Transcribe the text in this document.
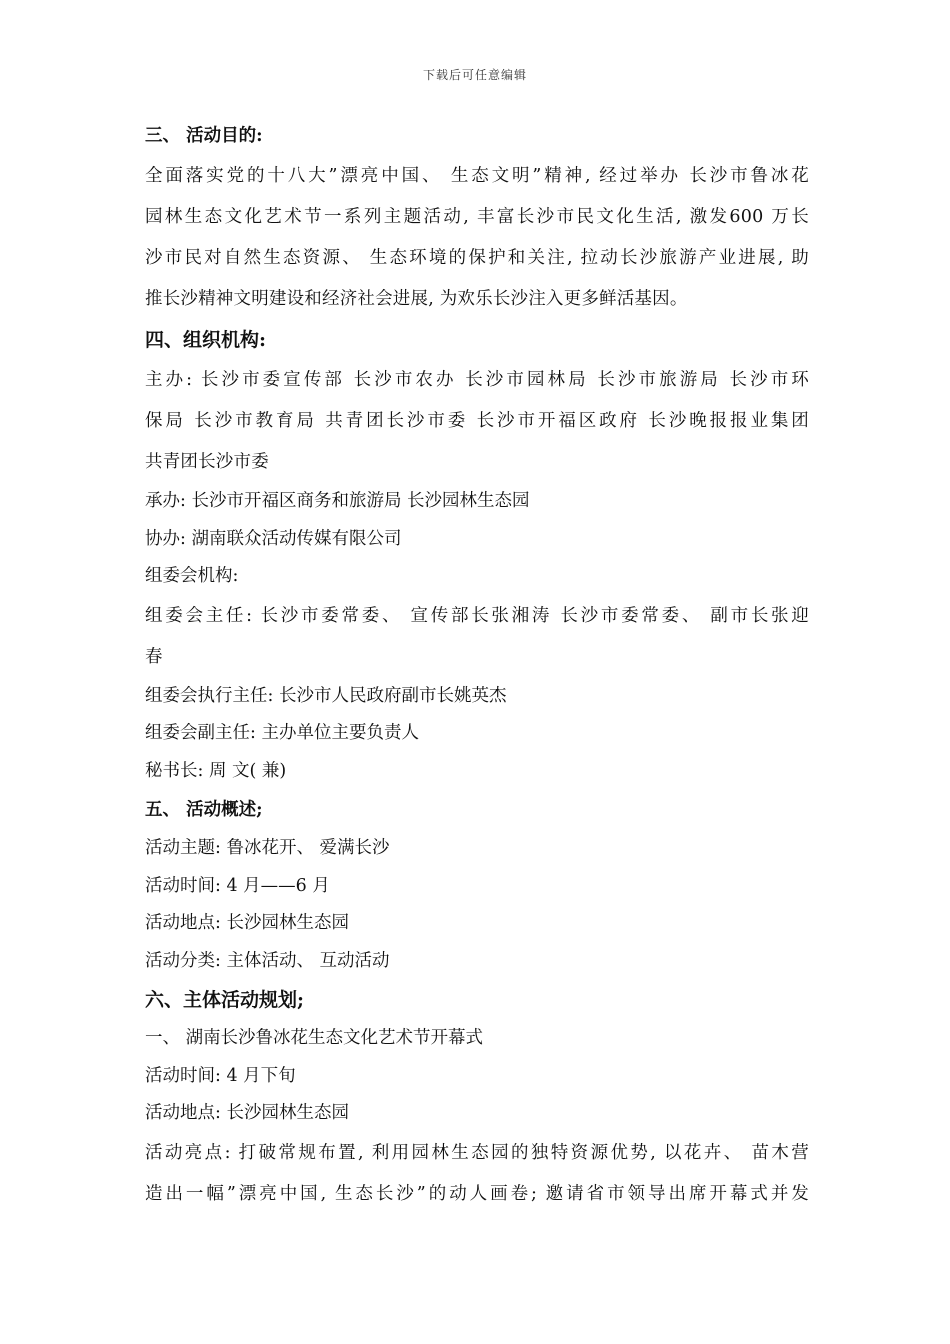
下载后可任意编辑
三、 活动目的:
全面落实党的十八大”漂亮中国、 生态文明”精神, 经过举办 长沙市鲁冰花
园林生态文化艺术节一系列主题活动, 丰富长沙市民文化生活, 激发600 万长
沙市民对自然生态资源、 生态环境的保护和关注, 拉动长沙旅游产业进展, 助
推长沙精神文明建设和经济社会进展, 为欢乐长沙注入更多鲜活基因。
四、组织机构:
主办: 长沙市委宣传部 长沙市农办 长沙市园林局 长沙市旅游局 长沙市环
保局 长沙市教育局 共青团长沙市委 长沙市开福区政府 长沙晚报报业集团
共青团长沙市委
承办: 长沙市开福区商务和旅游局 长沙园林生态园
协办: 湖南联众活动传媒有限公司
组委会机构:
组委会主任: 长沙市委常委、 宣传部长张湘涛 长沙市委常委、 副市长张迎
春
组委会执行主任: 长沙市人民政府副市长姚英杰
组委会副主任: 主办单位主要负责人
秘书长: 周 文( 兼)
五、 活动概述;
活动主题: 鲁冰花开、 爱满长沙
活动时间: 4 月——6 月
活动地点: 长沙园林生态园
活动分类: 主体活动、 互动活动
六、主体活动规划;
一、 湖南长沙鲁冰花生态文化艺术节开幕式
活动时间: 4 月下旬
活动地点: 长沙园林生态园
活动亮点: 打破常规布置, 利用园林生态园的独特资源优势, 以花卉、 苗木营
造出一幅”漂亮中国, 生态长沙”的动人画卷; 邀请省市领导出席开幕式并发
